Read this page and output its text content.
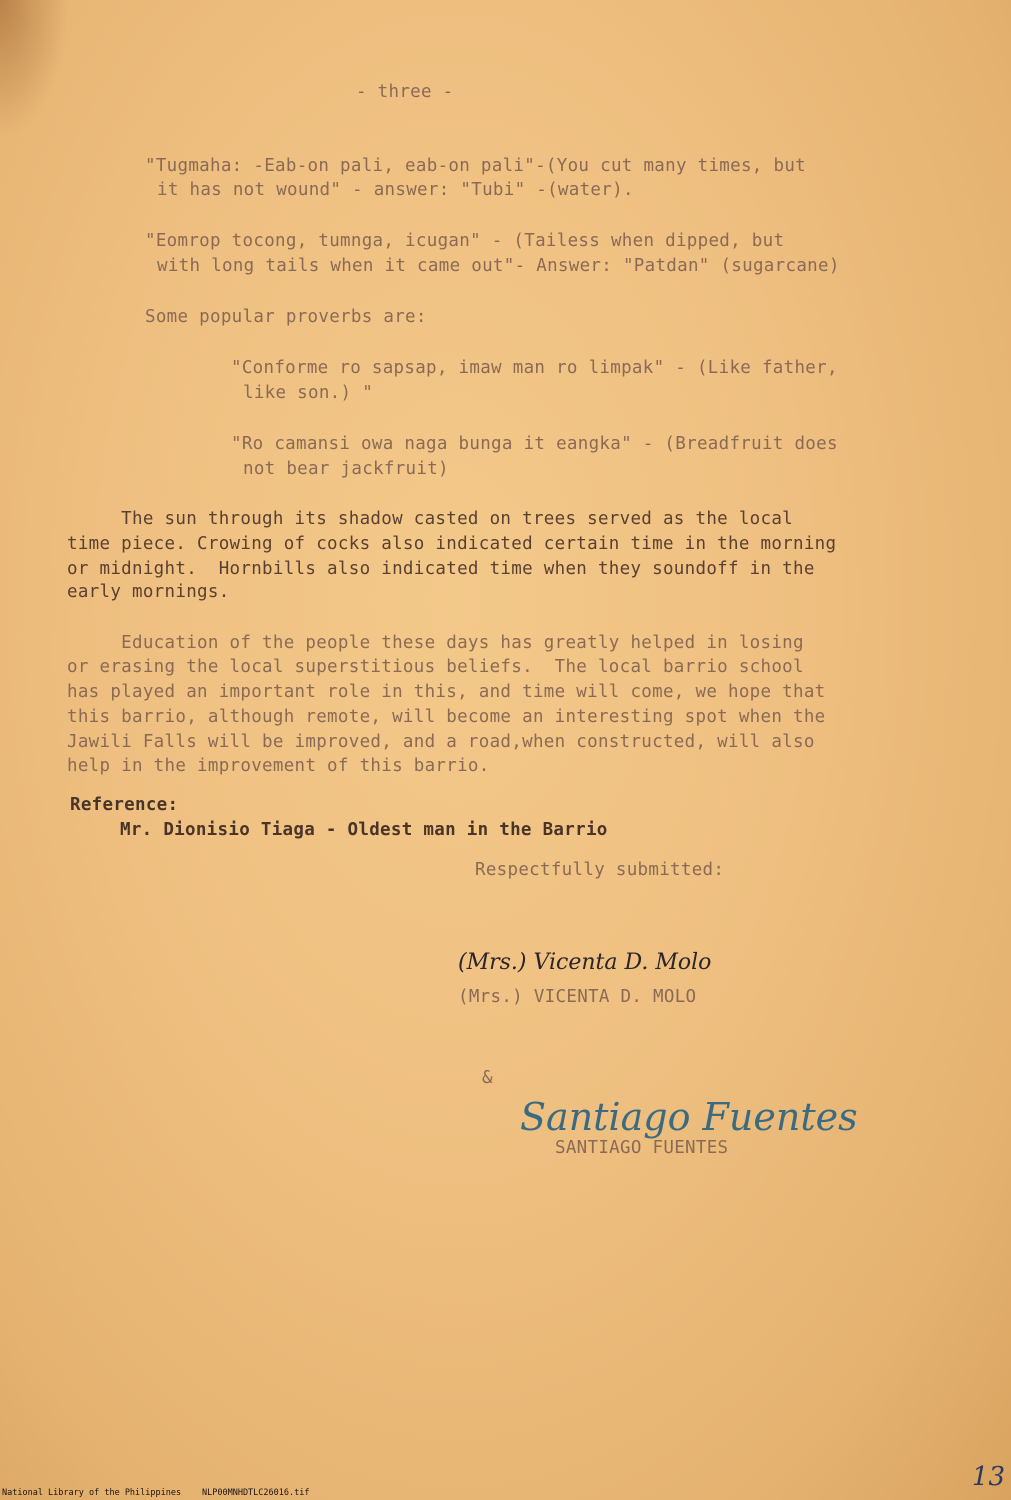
- three -
"Tugmaha: -Eab-on pali, eab-on pali"-(You cut many times, but
it has not wound" - answer: "Tubi" -(water).
"Eomrop tocong, tumnga, icugan" - (Tailess when dipped, but
with long tails when it came out"- Answer: "Patdan" (sugarcane)
Some popular proverbs are:
"Conforme ro sapsap, imaw man ro limpak" - (Like father,
like son.) "
"Ro camansi owa naga bunga it eangka" - (Breadfruit does
not bear jackfruit)
The sun through its shadow casted on trees served as the local
time piece. Crowing of cocks also indicated certain time in the morning
or midnight.  Hornbills also indicated time when they soundoff in the
early mornings.
Education of the people these days has greatly helped in losing
or erasing the local superstitious beliefs.  The local barrio school
has played an important role in this, and time will come, we hope that
this barrio, although remote, will become an interesting spot when the
Jawili Falls will be improved, and a road,when constructed, will also
help in the improvement of this barrio.
Reference:
Mr. Dionisio Tiaga - Oldest man in the Barrio
Respectfully submitted:
(Mrs.) Vicenta D. Molo
(Mrs.) VICENTA D. MOLO
&
SANTIAGO FUENTES
Santiago Fuentes
National Library of the Philippines NLP00MNHDTLC26016.tif
13
